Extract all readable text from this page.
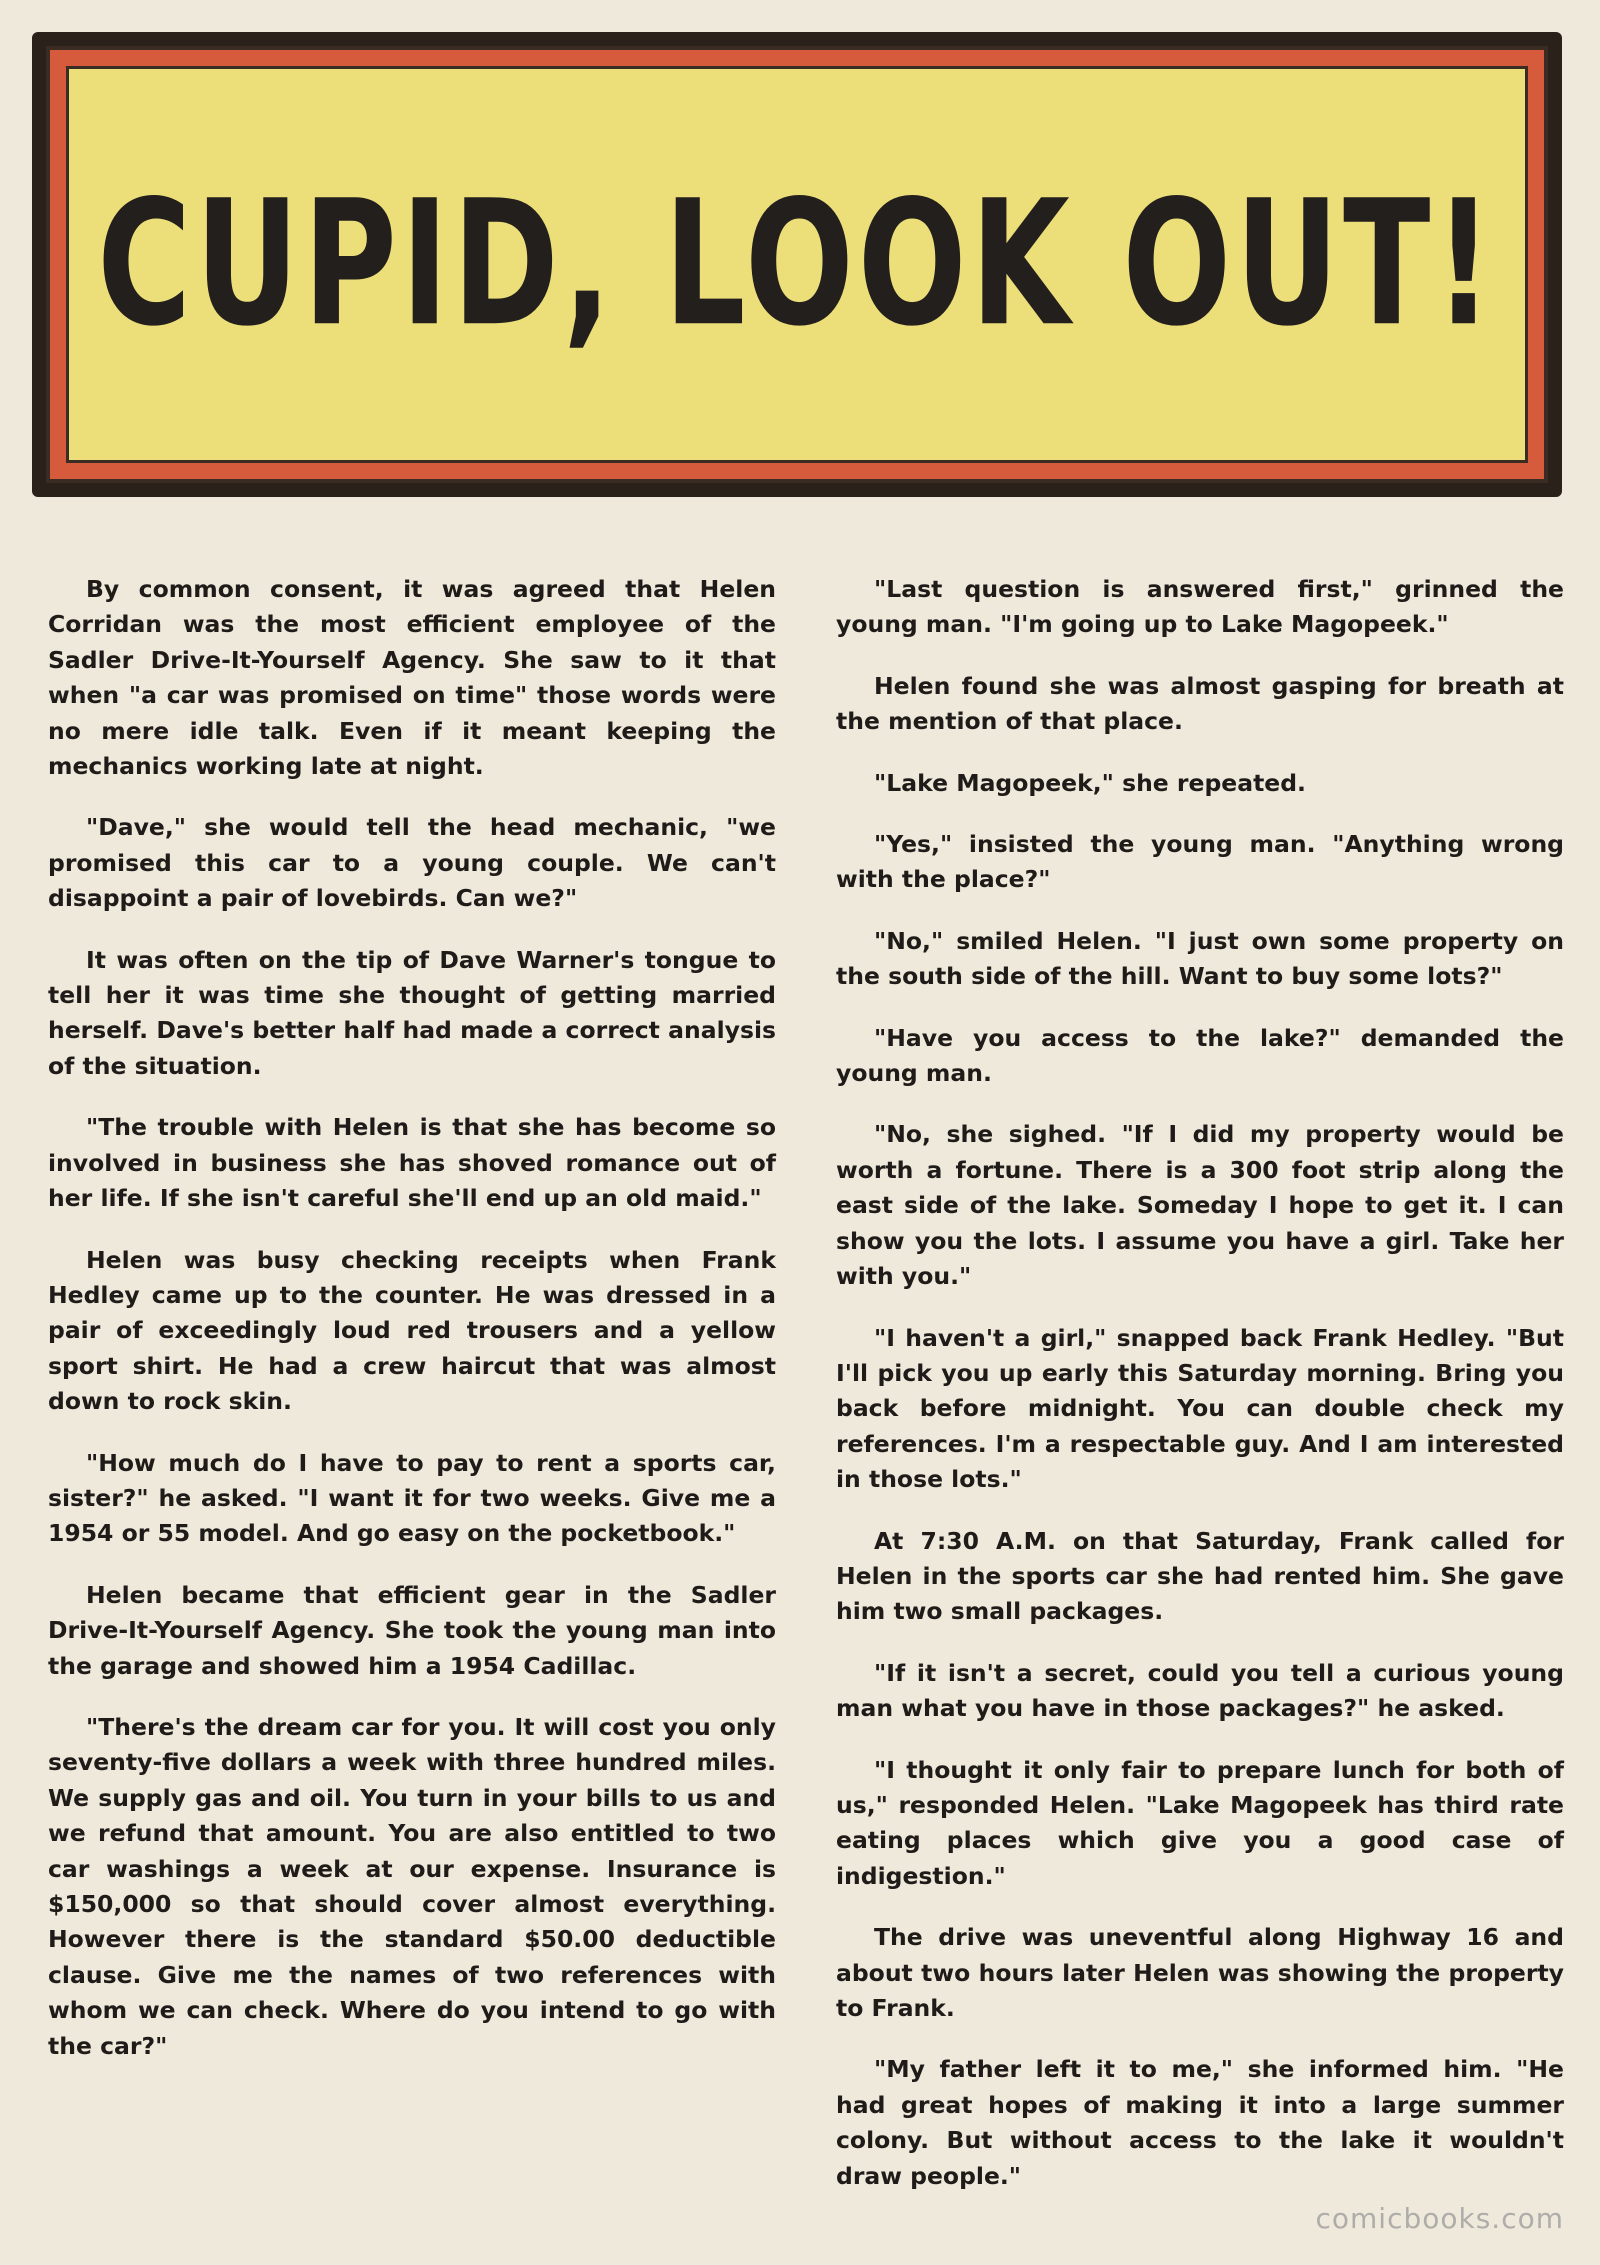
CUPID, LOOK OUT!

By common consent, it was agreed that Helen Corridan was the most efficient employee of the Sadler Drive-It-Yourself Agency. She saw to it that when "a car was promised on time" those words were no mere idle talk. Even if it meant keeping the mechanics working late at night.

"Dave," she would tell the head mechanic, "we promised this car to a young couple. We can't disappoint a pair of lovebirds. Can we?"

It was often on the tip of Dave Warner's tongue to tell her it was time she thought of getting married herself. Dave's better half had made a correct analysis of the situation.

"The trouble with Helen is that she has become so involved in business she has shoved romance out of her life. If she isn't careful she'll end up an old maid."

Helen was busy checking receipts when Frank Hedley came up to the counter. He was dressed in a pair of exceedingly loud red trousers and a yellow sport shirt. He had a crew haircut that was almost down to rock skin.

"How much do I have to pay to rent a sports car, sister?" he asked. "I want it for two weeks. Give me a 1954 or 55 model. And go easy on the pocketbook."

Helen became that efficient gear in the Sadler Drive-It-Yourself Agency. She took the young man into the garage and showed him a 1954 Cadillac.

"There's the dream car for you. It will cost you only seventy-five dollars a week with three hundred miles. We supply gas and oil. You turn in your bills to us and we refund that amount. You are also entitled to two car washings a week at our expense. Insurance is $150,000 so that should cover almost everything. However there is the standard $50.00 deductible clause. Give me the names of two references with whom we can check. Where do you intend to go with the car?"

"Last question is answered first," grinned the young man. "I'm going up to Lake Magopeek."

Helen found she was almost gasping for breath at the mention of that place.

"Lake Magopeek," she repeated.

"Yes," insisted the young man. "Anything wrong with the place?"

"No," smiled Helen. "I just own some property on the south side of the hill. Want to buy some lots?"

"Have you access to the lake?" demanded the young man.

"No, she sighed. "If I did my property would be worth a fortune. There is a 300 foot strip along the east side of the lake. Someday I hope to get it. I can show you the lots. I assume you have a girl. Take her with you."

"I haven't a girl," snapped back Frank Hedley. "But I'll pick you up early this Saturday morning. Bring you back before midnight. You can double check my references. I'm a respectable guy. And I am interested in those lots."

At 7:30 A.M. on that Saturday, Frank called for Helen in the sports car she had rented him. She gave him two small packages.

"If it isn't a secret, could you tell a curious young man what you have in those packages?" he asked.

"I thought it only fair to prepare lunch for both of us," responded Helen. "Lake Magopeek has third rate eating places which give you a good case of indigestion."

The drive was uneventful along Highway 16 and about two hours later Helen was showing the property to Frank.

"My father left it to me," she informed him. "He had great hopes of making it into a large summer colony. But without access to the lake it wouldn't draw people."

comicbooks.com
